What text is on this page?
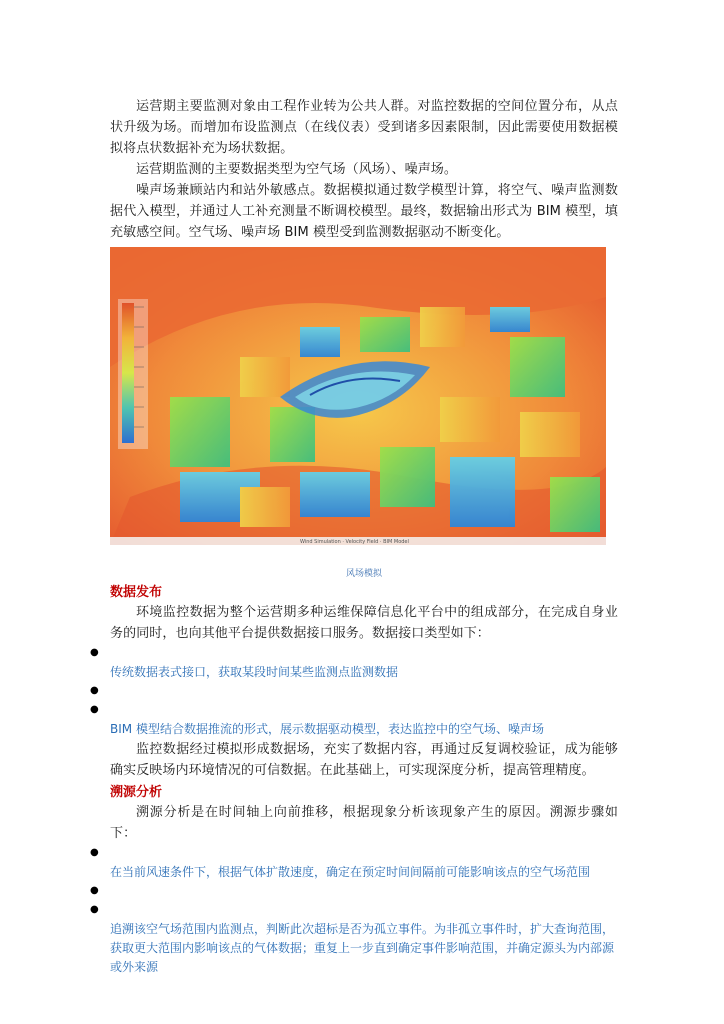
运营期主要监测对象由工程作业转为公共人群。对监控数据的空间位置分布，从点状升级为场。而增加布设监测点（在线仪表）受到诸多因素限制，因此需要使用数据模拟将点状数据补充为场状数据。

运营期监测的主要数据类型为空气场（风场）、噪声场。

噪声场兼顾站内和站外敏感点。数据模拟通过数学模型计算，将空气、噪声监测数据代入模型，并通过人工补充测量不断调校模型。最终，数据输出形式为 BIM 模型，填充敏感空间。空气场、噪声场 BIM 模型受到监测数据驱动不断变化。

Wind Simulation · Velocity Field · BIM Model
风场模拟
数据发布

环境监控数据为整个运营期多种运维保障信息化平台中的组成部分，在完成自身业务的同时，也向其他平台提供数据接口服务。数据接口类型如下：

●

传统数据表式接口，获取某段时间某些监测点监测数据

●
●

BIM 模型结合数据推流的形式，展示数据驱动模型，表达监控中的空气场、噪声场

监控数据经过模拟形成数据场，充实了数据内容，再通过反复调校验证，成为能够确实反映场内环境情况的可信数据。在此基础上，可实现深度分析，提高管理精度。

溯源分析

溯源分析是在时间轴上向前推移，根据现象分析该现象产生的原因。溯源步骤如下：

●

在当前风速条件下，根据气体扩散速度，确定在预定时间间隔前可能影响该点的空气场范围

●
●

追溯该空气场范围内监测点，判断此次超标是否为孤立事件。为非孤立事件时，扩大查询范围，获取更大范围内影响该点的气体数据；重复上一步直到确定事件影响范围，并确定源头为内部源或外来源
